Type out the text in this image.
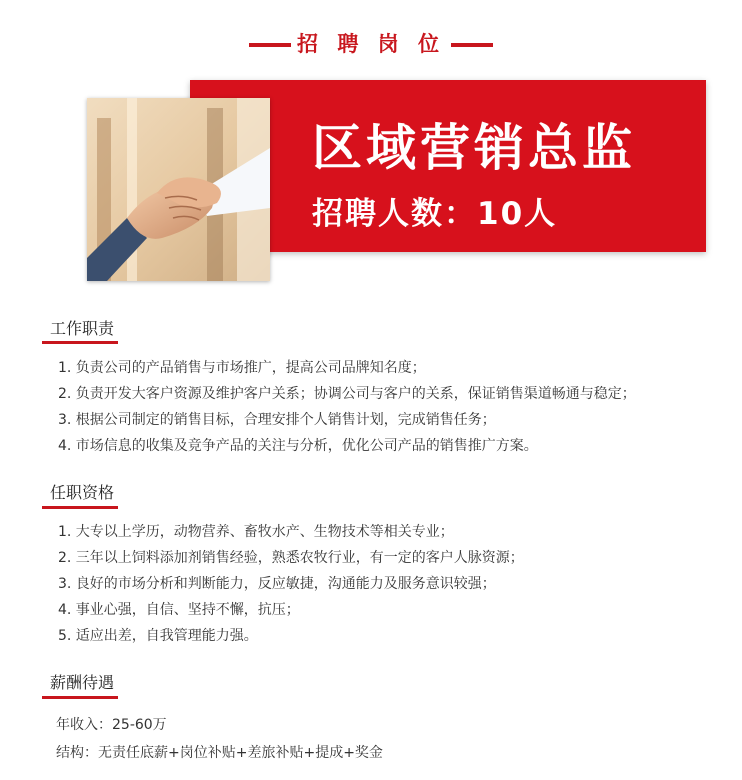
招 聘 岗 位
区域营销总监
招聘人数：10人
工作职责
1. 负责公司的产品销售与市场推广，提高公司品牌知名度；
2. 负责开发大客户资源及维护客户关系；协调公司与客户的关系，保证销售渠道畅通与稳定；
3. 根据公司制定的销售目标，合理安排个人销售计划，完成销售任务；
4. 市场信息的收集及竞争产品的关注与分析，优化公司产品的销售推广方案。
任职资格
1. 大专以上学历，动物营养、畜牧水产、生物技术等相关专业；
2. 三年以上饲料添加剂销售经验，熟悉农牧行业，有一定的客户人脉资源；
3. 良好的市场分析和判断能力，反应敏捷，沟通能力及服务意识较强；
4. 事业心强，自信、坚持不懈，抗压；
5. 适应出差，自我管理能力强。
薪酬待遇
年收入：25-60万
结构：无责任底薪+岗位补贴+差旅补贴+提成+奖金
